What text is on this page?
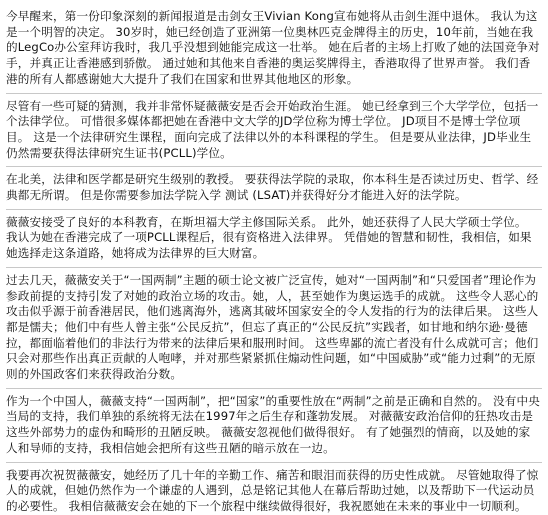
今早醒来，第一份印象深刻的新闻报道是击剑女王Vivian Kong宣布她将从击剑生涯中退休。 我认为这是一个明智的决定。 30岁时，她已经创造了亚洲第一位奥林匹克金牌得主的历史，10年前，当她在我的LegCo办公室拜访我时，我几乎没想到她能完成这一壮举。 她在后者的主场上打败了她的法国竞争对手，并真正让香港感到骄傲。 通过她和其他来自香港的奥运奖牌得主，香港取得了世界声誉。 我们香港的所有人都感谢她大大提升了我们在国家和世界其他地区的形象。

尽管有一些可疑的猜测，我并非常怀疑薇薇安是否会开始政治生涯。 她已经拿到三个大学学位，包括一个法律学位。 可惜很多媒体都把她在香港中文大学的JD学位称为博士学位。 JD项目不是博士学位项目。 这是一个法律研究生课程，面向完成了法律以外的本科课程的学生。 但是要从业法律，JD毕业生仍然需要获得法律研究生证书(PCLL)学位。

在北美，法律和医学都是研究生级别的教授。 要获得法学院的录取，你本科生是否读过历史、哲学、经典都无所谓。 但是你需要参加法学院入学 测试 (LSAT)并获得好分才能进入好的法学院。

薇薇安接受了良好的本科教育，在斯坦福大学主修国际关系。 此外，她还获得了人民大学硕士学位。 我认为她在香港完成了一项PCLL课程后，很有资格进入法律界。 凭借她的智慧和韧性，我相信，如果她选择走这条道路，她将成为法律界的巨大财富。

过去几天，薇薇安关于“一国两制”主题的硕士论文被广泛宣传，她对“一国两制”和“只爱国者”理论作为参政前提的支持引发了对她的政治立场的攻击。她，人，甚至她作为奥运选手的成就。 这些令人恶心的攻击似乎源于前香港居民，他们逃离海外，逃离其破坏国家安全的令人发指的行为的法律后果。 这些人都是懦夫；他们中有些人曾主张“公民反抗”，但忘了真正的“公民反抗”实践者，如甘地和纳尔逊·曼德拉，都面临着他们的非法行为带来的法律后果和服刑时间。 这些卑鄙的流亡者没有什么成就可言；他们只会对那些作出真正贡献的人咆哮，并对那些紧紧抓住煽动性问题，如“中国威胁”或“能力过剩”的无原则的外国政客们来获得政治分数。

作为一个中国人，薇薇支持“一国两制”，把“国家”的重要性放在“两制”之前是正确和自然的。 没有中央当局的支持，我们单独的系统将无法在1997年之后生存和蓬勃发展。 对薇薇安政治信仰的狂热攻击是这些外部势力的虚伪和畸形的丑陋反映。 薇薇安忽视他们做得很好。 有了她强烈的情商，以及她的家人和导师的支持，我相信她会把所有这些丑陋的暗示放在一边。

我要再次祝贺薇薇安，她经历了几十年的辛勤工作、痛苦和眼泪而获得的历史性成就。 尽管她取得了惊人的成就，但她仍然作为一个谦虚的人遇到，总是铭记其他人在幕后帮助过她，以及帮助下一代运动员的必要性。 我相信薇薇安会在她的下一个旅程中继续做得很好，我祝愿她在未来的事业中一切顺利。
